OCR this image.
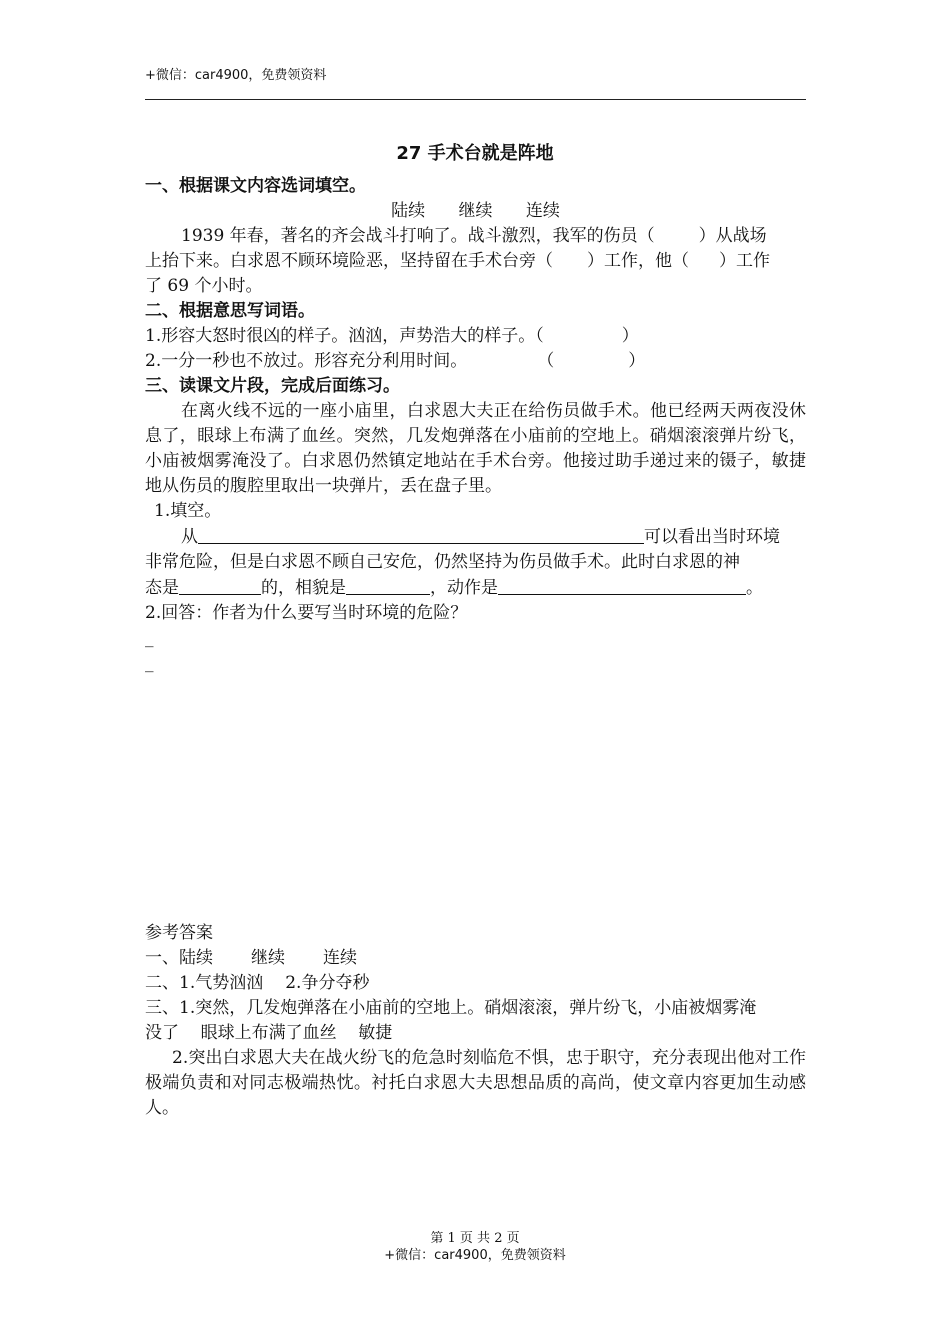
+微信：car4900，免费领资料
27 手术台就是阵地

一、根据课文内容选词填空。

陆续 继续 连续

1939 年春，著名的齐会战斗打响了。战斗激烈，我军的伤员（	）从战场

上抬下来。白求恩不顾环境险恶，坚持留在手术台旁（ ）工作，他（ ）工作

了 69 个小时。

二、根据意思写词语。

1.形容大怒时很凶的样子。汹汹，声势浩大的样子。（	）

2.一分一秒也不放过。形容充分利用时间。	（	）

三、读课文片段，完成后面练习。

在离火线不远的一座小庙里，白求恩大夫正在给伤员做手术。他已经两天两夜没休息了，眼球上布满了血丝。突然，几发炮弹落在小庙前的空地上。硝烟滚滚弹片纷飞，小庙被烟雾淹没了。白求恩仍然镇定地站在手术台旁。他接过助手递过来的镊子，敏捷地从伤员的腹腔里取出一块弹片，丢在盘子里。

1.填空。

从	可以看出当时环境

非常危险，但是白求恩不顾自己安危，仍然坚持为伤员做手术。此时白求恩的神

态是	的，相貌是	，动作是	。

2.回答：作者为什么要写当时环境的危险？

_

_

参考答案

一、陆续 继续 连续

二、1.气势汹汹 2.争分夺秒

三、1.突然，几发炮弹落在小庙前的空地上。硝烟滚滚，弹片纷飞，小庙被烟雾淹

没了    眼球上布满了血丝    敏捷

2.突出白求恩大夫在战火纷飞的危急时刻临危不惧，忠于职守，充分表现出他对工作极端负责和对同志极端热忱。衬托白求恩大夫思想品质的高尚，使文章内容更加生动感人。

第 1 页 共 2 页
+微信：car4900，免费领资料
